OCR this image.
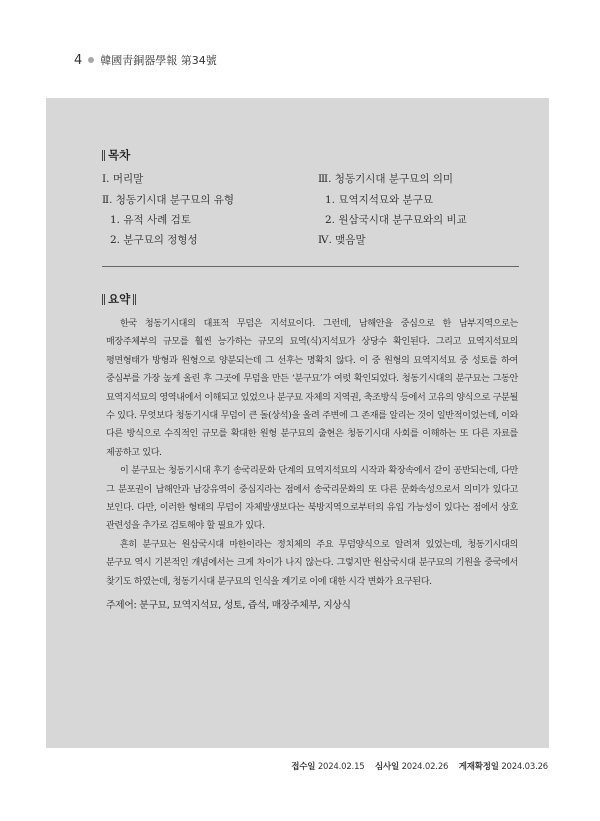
4 韓國靑銅器學報 第34號
목차
Ⅰ. 머리말
Ⅱ. 청동기시대 분구묘의 유형
1. 유적 사례 검토
2. 분구묘의 정형성
Ⅲ. 청동기시대 분구묘의 의미
1. 묘역지석묘와 분구묘
2. 원삼국시대 분구묘와의 비교
Ⅳ. 맺음말
요약

한국 청동기시대의 대표적 무덤은 지석묘이다. 그런데, 남해안을 중심으로 한 남부지역으로는 매장주체부의 규모를 훨씬 능가하는 규모의 묘역(식)지석묘가 상당수 확인된다. 그리고 묘역지석묘의 평면형태가 방형과 원형으로 양분되는데 그 선후는 명확치 않다. 이 중 원형의 묘역지석묘 중 성토를 하여 중심부를 가장 높게 올린 후 그곳에 무덤을 만든 ‘분구묘’가 여럿 확인되었다. 청동기시대의 분구묘는 그동안 묘역지석묘의 영역내에서 이해되고 있었으나 분구묘 자체의 지역권, 축조방식 등에서 고유의 양식으로 구분될 수 있다. 무엇보다 청동기시대 무덤이 큰 돌(상석)을 올려 주변에 그 존재를 알리는 것이 일반적이었는데, 이와 다른 방식으로 수직적인 규모를 확대한 원형 분구묘의 출현은 청동기시대 사회를 이해하는 또 다른 자료를 제공하고 있다.

이 분구묘는 청동기시대 후기 송국리문화 단계의 묘역지석묘의 시작과 확장속에서 같이 공반되는데, 다만 그 분포권이 남해안과 남강유역이 중심지라는 점에서 송국리문화의 또 다른 문화속성으로서 의미가 있다고 보인다. 다만, 이러한 형태의 무덤이 자체발생보다는 북방지역으로부터의 유입 가능성이 있다는 점에서 상호 관련성을 추가로 검토해야 할 필요가 있다.

흔히 분구묘는 원삼국시대 마한이라는 정치체의 주요 무덤양식으로 알려져 있었는데, 청동기시대의 분구묘 역시 기본적인 개념에서는 크게 차이가 나지 않는다. 그렇지만 원삼국시대 분구묘의 기원을 중국에서 찾기도 하였는데, 청동기시대 분구묘의 인식을 계기로 이에 대한 시각 변화가 요구된다.

주제어: 분구묘, 묘역지석묘, 성토, 즙석, 매장주체부, 지상식
접수일 2024.02.15 심사일 2024.02.26 게재확정일 2024.03.26
